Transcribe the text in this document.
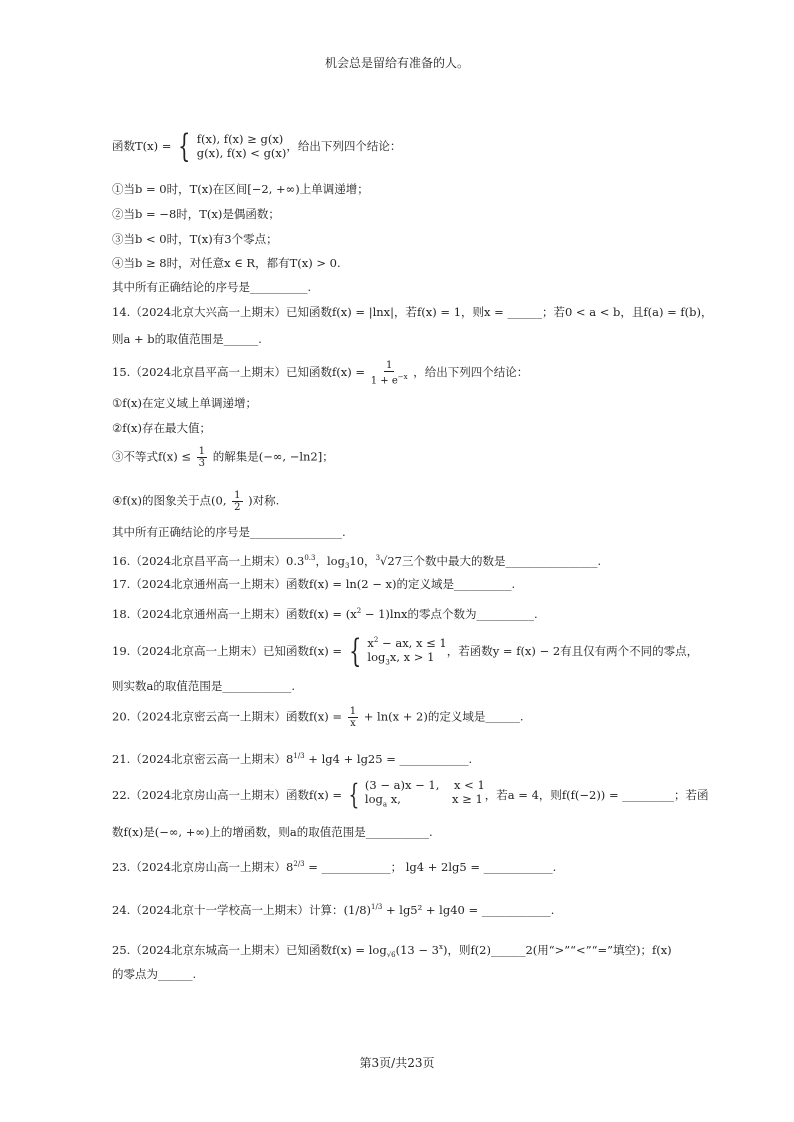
机会总是留给有准备的人。
函数T(x) = { f(x), f(x) ≥ g(x)
g(x), f(x) < g(x) ，给出下列四个结论：
①当b = 0时，T(x)在区间[−2, +∞)上单调递增；
②当b = −8时，T(x)是偶函数；
③当b < 0时，T(x)有3个零点；
④当b ≥ 8时，对任意x ∈ R，都有T(x) > 0.
其中所有正确结论的序号是__________.
14.（2024北京大兴高一上期末）已知函数f(x) = |lnx|，若f(x) = 1，则x = ______；若0 < a < b，且f(a) = f(b)，
则a + b的取值范围是______.
15.（2024北京昌平高一上期末）已知函数$f(x) = \frac{1}{1 + e^{-x}}$ ，给出下列四个结论：
①f(x)在定义域上单调递增；
②f(x)存在最大值；
③不等式$f(x) \le \frac{1}{3}$ 的解集是(−∞, −ln2]；
④f(x)的图象关于点(0, $\frac{1}{2}$ )对称.
其中所有正确结论的序号是________________.
16.（2024北京昌平高一上期末）$0.3^{0.3}$，$\log_310$，$^3$√27三个数中最大的数是________________.
17.（2024北京通州高一上期末）函数f(x) = ln(2 − x)的定义域是__________.
18.（2024北京通州高一上期末）函数$f(x) = (x^2 - 1)\ln x$的零点个数为__________.
19.（2024北京高一上期末）已知函数f(x) = { $x^2$ − ax, x ≤ 1
$\log_3x$, x > 1	，若函数y = f(x) − 2有且仅有两个不同的零点，
则实数a的取值范围是____________.
20.（2024北京密云高一上期末）函数$f(x) = \frac{1}{x} + \ln(x + 2)$的定义域是______.
21.（2024北京密云高一上期末）$8^{1/3} + \lg 4 + \lg 25$ = ____________.
22.（2024北京房山高一上期末）函数f(x) = { (3 − a)x − 1,    x < 1
$\log_a x$,              x ≥ 1 ，若a = 4，则f(f(−2)) = _________；若函
数f(x)是(−∞, +∞)上的增函数，则a的取值范围是___________.
23.（2024北京房山高一上期末）$8^{2/3}$ = ____________； lg4 + 2lg5 = ____________.
24.（2024北京十一学校高一上期末）计算：$(1/8)^{1/3} + \lg 5^2 + \lg 40$ = ____________.
25.（2024北京东城高一上期末）已知函数$f(x) = \log_{√6}(13 - 3^x)$，则f(2)______2(用“>”“<”“=”填空)；f(x)
的零点为______.
第3页/共23页
